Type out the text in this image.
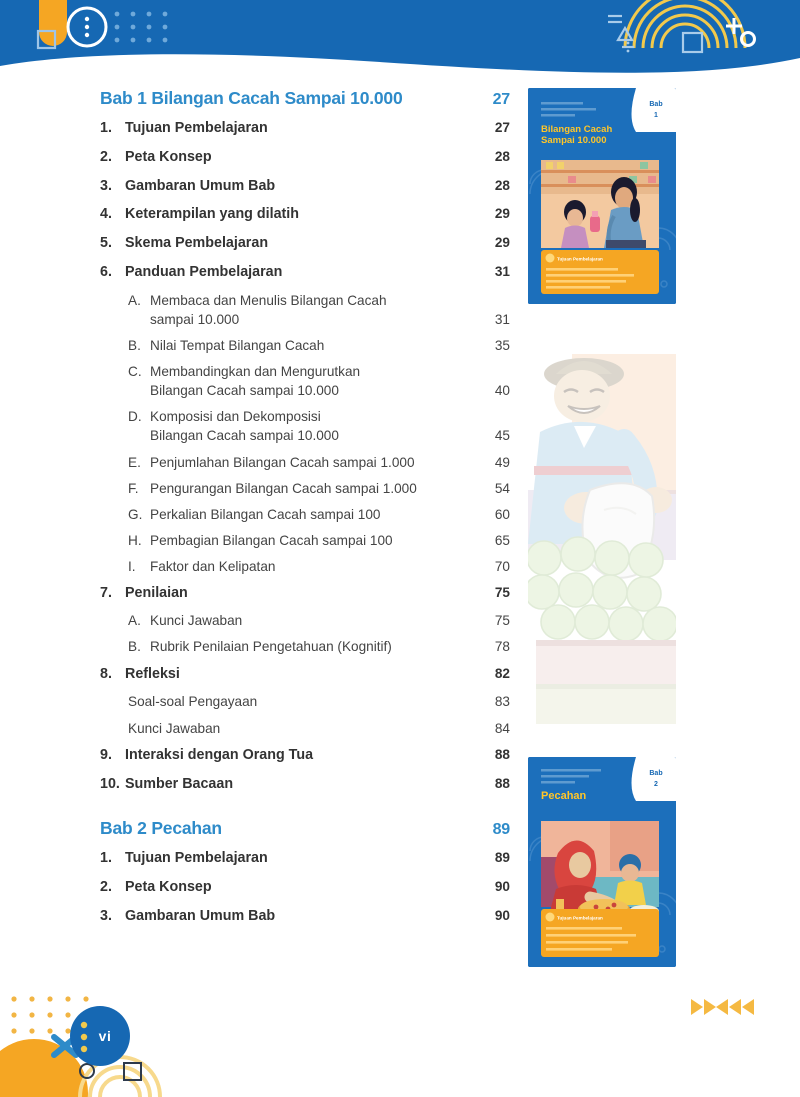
Bab 1 Bilangan Cacah Sampai 10.000	27
1. Tujuan Pembelajaran	27
2. Peta Konsep	28
3. Gambaran Umum Bab	28
4. Keterampilan yang dilatih	29
5. Skema Pembelajaran	29
6. Panduan Pembelajaran	31
A. Membaca dan Menulis Bilangan Cacah
sampai 10.000	31
B. Nilai Tempat Bilangan Cacah	35
C. Membandingkan dan Mengurutkan
Bilangan Cacah sampai 10.000	40
D. Komposisi dan Dekomposisi
Bilangan Cacah sampai 10.000	45
E. Penjumlahan Bilangan Cacah sampai 1.000	49
F. Pengurangan Bilangan Cacah sampai 1.000	54
G. Perkalian Bilangan Cacah sampai 100	60
H. Pembagian Bilangan Cacah sampai 100	65
I.	Faktor dan Kelipatan	70
7. Penilaian	75
A. Kunci Jawaban	75
B. Rubrik Penilaian Pengetahuan (Kognitif)	78
8. Refleksi	82
Soal-soal Pengayaan	83
Kunci Jawaban	84
9. Interaksi dengan Orang Tua	88
10. Sumber Bacaan	88
Bab 2 Pecahan	89
1. Tujuan Pembelajaran	89
2. Peta Konsep	90
3. Gambaran Umum Bab	90
Bilangan Cacah
Sampai 10.000
Tujuan Pembelajaran
Bab
1
Pecahan
Tujuan Pembelajaran
Bab
2
vi
